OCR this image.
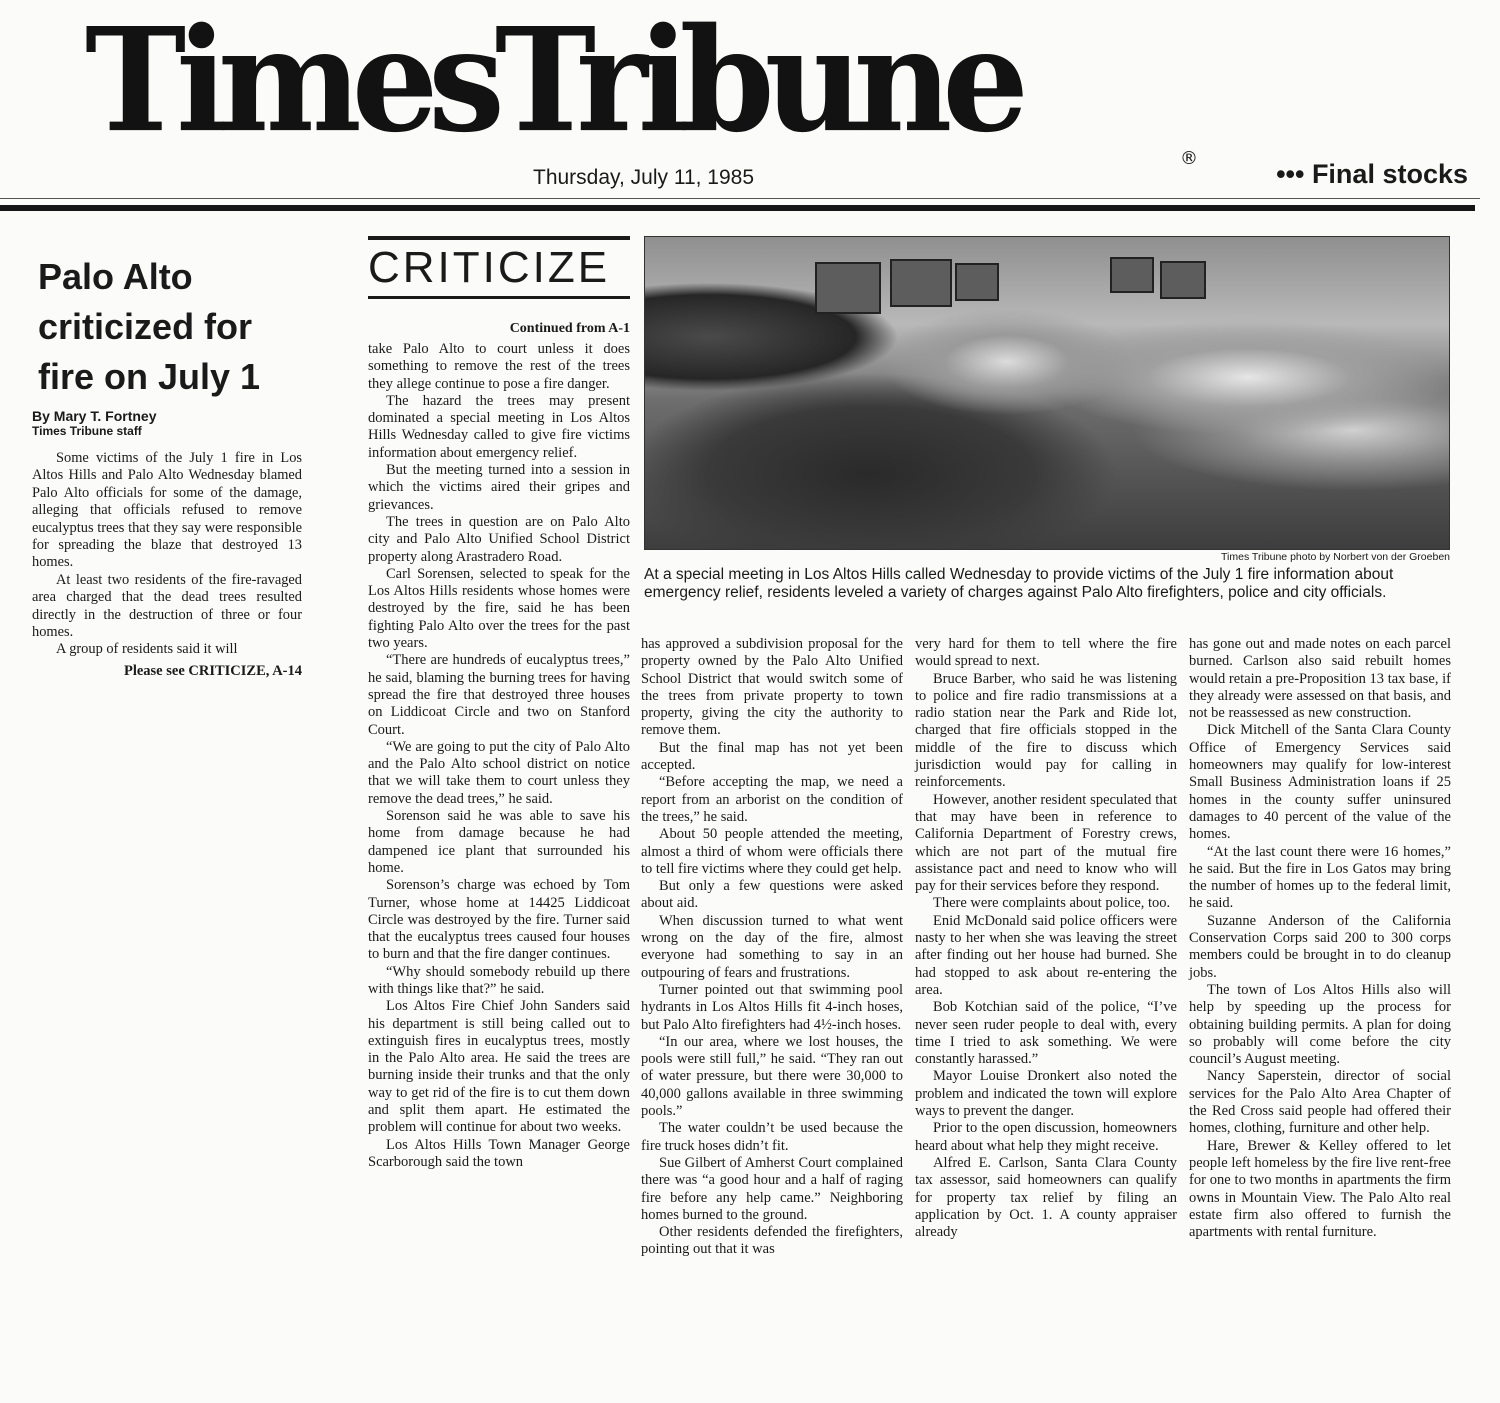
TimesTribune	®
Thursday, July 11, 1985	••• Final stocks
Palo Alto criticized for fire on July 1

By Mary T. Fortney

Times Tribune staff

Some victims of the July 1 fire in Los Altos Hills and Palo Alto Wednesday blamed Palo Alto officials for some of the damage, alleging that officials refused to remove eucalyptus trees that they say were responsible for spreading the blaze that destroyed 13 homes.

At least two residents of the fire-ravaged area charged that the dead trees resulted directly in the destruction of three or four homes.

A group of residents said it will

Please see CRITICIZE, A-14
CRITICIZE
Continued from A-1

take Palo Alto to court unless it does something to remove the rest of the trees they allege continue to pose a fire danger.

The hazard the trees may present dominated a special meeting in Los Altos Hills Wednesday called to give fire victims information about emergency relief.

But the meeting turned into a session in which the victims aired their gripes and grievances.

The trees in question are on Palo Alto city and Palo Alto Unified School District property along Arastradero Road.

Carl Sorensen, selected to speak for the Los Altos Hills residents whose homes were destroyed by the fire, said he has been fighting Palo Alto over the trees for the past two years.

“There are hundreds of eucalyptus trees,” he said, blaming the burning trees for having spread the fire that destroyed three houses on Liddicoat Circle and two on Stanford Court.

“We are going to put the city of Palo Alto and the Palo Alto school district on notice that we will take them to court unless they remove the dead trees,” he said.

Sorenson said he was able to save his home from damage because he had dampened ice plant that surrounded his home.

Sorenson’s charge was echoed by Tom Turner, whose home at 14425 Liddicoat Circle was destroyed by the fire. Turner said that the eucalyptus trees caused four houses to burn and that the fire danger continues.

“Why should somebody rebuild up there with things like that?” he said.

Los Altos Fire Chief John Sanders said his department is still being called out to extinguish fires in eucalyptus trees, mostly in the Palo Alto area. He said the trees are burning inside their trunks and that the only way to get rid of the fire is to cut them down and split them apart. He estimated the problem will continue for about two weeks.

Los Altos Hills Town Manager George Scarborough said the town

Times Tribune photo by Norbert von der Groeben
At a special meeting in Los Altos Hills called Wednesday to provide victims of the July 1 fire information about emergency relief, residents leveled a variety of charges against Palo Alto firefighters, police and city officials.

has approved a subdivision proposal for the property owned by the Palo Alto Unified School District that would switch some of the trees from private property to town property, giving the city the authority to remove them.

But the final map has not yet been accepted.

“Before accepting the map, we need a report from an arborist on the condition of the trees,” he said.

About 50 people attended the meeting, almost a third of whom were officials there to tell fire victims where they could get help.

But only a few questions were asked about aid.

When discussion turned to what went wrong on the day of the fire, almost everyone had something to say in an outpouring of fears and frustrations.

Turner pointed out that swimming pool hydrants in Los Altos Hills fit 4-inch hoses, but Palo Alto firefighters had 4½-inch hoses.

“In our area, where we lost houses, the pools were still full,” he said. “They ran out of water pressure, but there were 30,000 to 40,000 gallons available in three swimming pools.”

The water couldn’t be used because the fire truck hoses didn’t fit.

Sue Gilbert of Amherst Court complained there was “a good hour and a half of raging fire before any help came.” Neighboring homes burned to the ground.

Other residents defended the firefighters, pointing out that it was

very hard for them to tell where the fire would spread to next.

Bruce Barber, who said he was listening to police and fire radio transmissions at a radio station near the Park and Ride lot, charged that fire officials stopped in the middle of the fire to discuss which jurisdiction would pay for calling in reinforcements.

However, another resident speculated that that may have been in reference to California Department of Forestry crews, which are not part of the mutual fire assistance pact and need to know who will pay for their services before they respond.

There were complaints about police, too.

Enid McDonald said police officers were nasty to her when she was leaving the street after finding out her house had burned. She had stopped to ask about re-entering the area.

Bob Kotchian said of the police, “I’ve never seen ruder people to deal with, every time I tried to ask something. We were constantly harassed.”

Mayor Louise Dronkert also noted the problem and indicated the town will explore ways to prevent the danger.

Prior to the open discussion, homeowners heard about what help they might receive.

Alfred E. Carlson, Santa Clara County tax assessor, said homeowners can qualify for property tax relief by filing an application by Oct. 1. A county appraiser already

has gone out and made notes on each parcel burned. Carlson also said rebuilt homes would retain a pre-Proposition 13 tax base, if they already were assessed on that basis, and not be reassessed as new construction.

Dick Mitchell of the Santa Clara County Office of Emergency Services said homeowners may qualify for low-interest Small Business Administration loans if 25 homes in the county suffer uninsured damages to 40 percent of the value of the homes.

“At the last count there were 16 homes,” he said. But the fire in Los Gatos may bring the number of homes up to the federal limit, he said.

Suzanne Anderson of the California Conservation Corps said 200 to 300 corps members could be brought in to do cleanup jobs.

The town of Los Altos Hills also will help by speeding up the process for obtaining building permits. A plan for doing so probably will come before the city council’s August meeting.

Nancy Saperstein, director of social services for the Palo Alto Area Chapter of the Red Cross said people had offered their homes, clothing, furniture and other help.

Hare, Brewer & Kelley offered to let people left homeless by the fire live rent-free for one to two months in apartments the firm owns in Mountain View. The Palo Alto real estate firm also offered to furnish the apartments with rental furniture.
